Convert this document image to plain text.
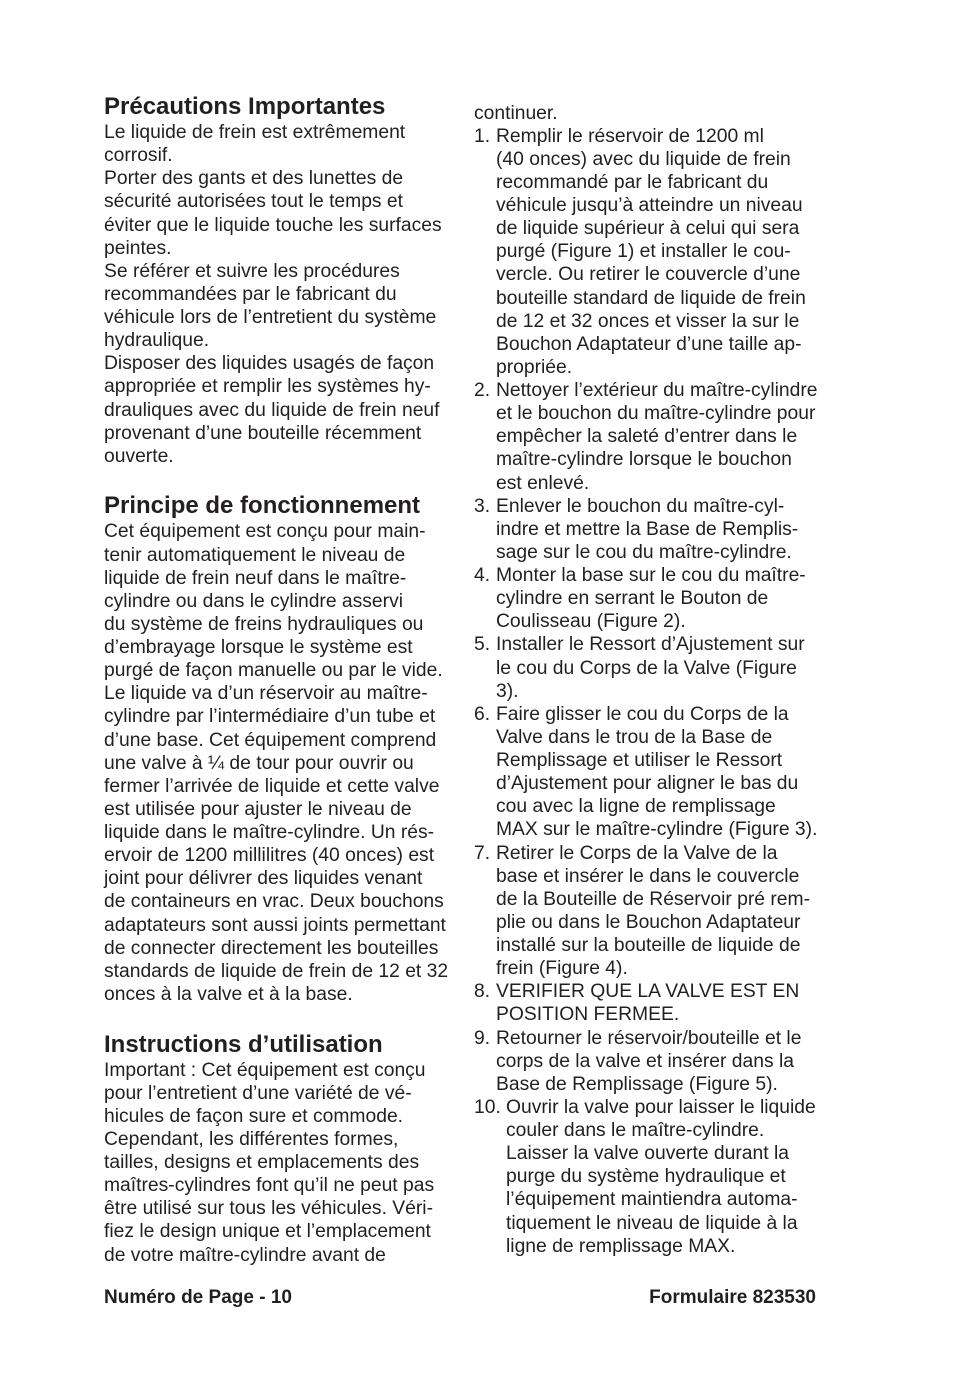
Précautions Importantes
Le liquide de frein est extrêmement
corrosif.
Porter des gants et des lunettes de
sécurité autorisées tout le temps et
éviter que le liquide touche les surfaces
peintes.
Se référer et suivre les procédures
recommandées par le fabricant du
véhicule lors de l’entretient du système
hydraulique.
Disposer des liquides usagés de façon
appropriée et remplir les systèmes hy-
drauliques avec du liquide de frein neuf
provenant d’une bouteille récemment
ouverte.
Principe de fonctionnement
Cet équipement est conçu pour main-
tenir automatiquement le niveau de
liquide de frein neuf dans le maître-
cylindre ou dans le cylindre asservi
du système de freins hydrauliques ou
d’embrayage lorsque le système est
purgé de façon manuelle ou par le vide.
Le liquide va d’un réservoir au maître-
cylindre par l’intermédiaire d’un tube et
d’une base. Cet équipement comprend
une valve à ¼ de tour pour ouvrir ou
fermer l’arrivée de liquide et cette valve
est utilisée pour ajuster le niveau de
liquide dans le maître-cylindre. Un rés-
ervoir de 1200 millilitres (40 onces) est
joint pour délivrer des liquides venant
de containeurs en vrac. Deux bouchons
adaptateurs sont aussi joints permettant
de connecter directement les bouteilles
standards de liquide de frein de 12 et 32
onces à la valve et à la base.
Instructions d’utilisation
Important : Cet équipement est conçu
pour l’entretient d’une variété de vé-
hicules de façon sure et commode.
Cependant, les différentes formes,
tailles, designs et emplacements des
maîtres-cylindres font qu’il ne peut pas
être utilisé sur tous les véhicules. Véri-
fiez le design unique et l’emplacement
de votre maître-cylindre avant de
continuer.
1. Remplir le réservoir de 1200 ml
(40 onces) avec du liquide de frein
recommandé par le fabricant du
véhicule jusqu’à atteindre un niveau
de liquide supérieur à celui qui sera
purgé (Figure 1) et installer le cou-
vercle. Ou retirer le couvercle d’une
bouteille standard de liquide de frein
de 12 et 32 onces et visser la sur le
Bouchon Adaptateur d’une taille ap-
propriée.
2. Nettoyer l’extérieur du maître-cylindre
et le bouchon du maître-cylindre pour
empêcher la saleté d’entrer dans le
maître-cylindre lorsque le bouchon
est enlevé.
3. Enlever le bouchon du maître-cyl-
indre et mettre la Base de Remplis-
sage sur le cou du maître-cylindre.
4. Monter la base sur le cou du maître-
cylindre en serrant le Bouton de
Coulisseau (Figure 2).
5. Installer le Ressort d’Ajustement sur
le cou du Corps de la Valve (Figure
3).
6. Faire glisser le cou du Corps de la
Valve dans le trou de la Base de
Remplissage et utiliser le Ressort
d’Ajustement pour aligner le bas du
cou avec la ligne de remplissage
MAX sur le maître-cylindre (Figure 3).
7. Retirer le Corps de la Valve de la
base et insérer le dans le couvercle
de la Bouteille de Réservoir pré rem-
plie ou dans le Bouchon Adaptateur
installé sur la bouteille de liquide de
frein (Figure 4).
8. VERIFIER QUE LA VALVE EST EN
POSITION FERMEE.
9. Retourner le réservoir/bouteille et le
corps de la valve et insérer dans la
Base de Remplissage (Figure 5).
10. Ouvrir la valve pour laisser le liquide
couler dans le maître-cylindre.
Laisser la valve ouverte durant la
purge du système hydraulique et
l’équipement maintiendra automa-
tiquement le niveau de liquide à la
ligne de remplissage MAX.
Numéro de Page - 10	Formulaire 823530
